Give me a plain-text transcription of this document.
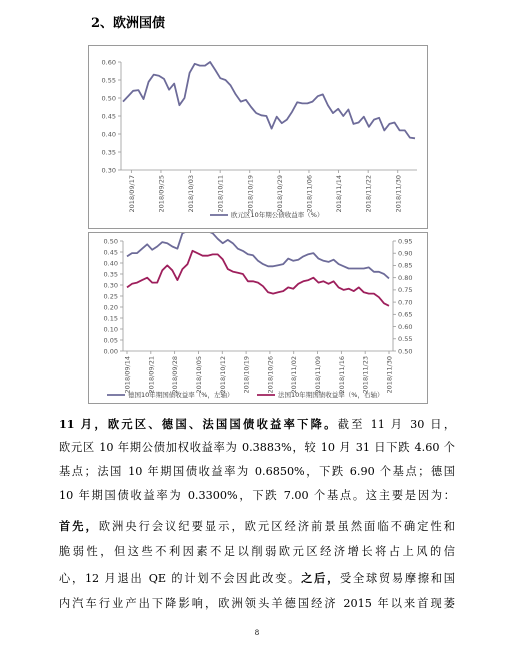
2、欧洲国债
0.60
0.55
0.50
0.45
0.40
0.35
0.30
2018/09/17	2018/09/25	2018/10/03	2018/10/11	2018/10/19	2018/10/29	2018/11/06	2018/11/14	2018/11/22	2018/11/30
欧元区10年期公债收益率（%）
0.50
0.45
0.40
0.35
0.30
0.25
0.20
0.15
0.10
0.05
0.00
0.95
0.90
0.85
0.80
0.75
0.70
0.65
0.60
0.55
0.50
2018/09/14 2018/09/21 2018/09/28 2018/10/05 2018/10/12 2018/10/19 2018/10/26 2018/11/02 2018/11/09 2018/11/16 2018/11/23 2018/11/30
德国10年期国债收益率（%，左轴）	法国10年期国债收益率（%，右轴）

11 月，欧元区、德国、法国国债收益率下降。截至 11 月 30 日，

欧元区 10 年期公债加权收益率为 0.3883%，较 10 月 31 日下跌 4.60 个

基点；法国 10 年期国债收益率为 0.6850%，下跌 6.90 个基点；德国

10 年期国债收益率为 0.3300%，下跌 7.00 个基点。这主要是因为：

首先，欧洲央行会议纪要显示，欧元区经济前景虽然面临不确定性和

脆弱性，但这些不利因素不足以削弱欧元区经济增长将占上风的信

心，12 月退出 QE 的计划不会因此改变。之后，受全球贸易摩擦和国

内汽车行业产出下降影响，欧洲领头羊德国经济 2015 年以来首现萎

8
